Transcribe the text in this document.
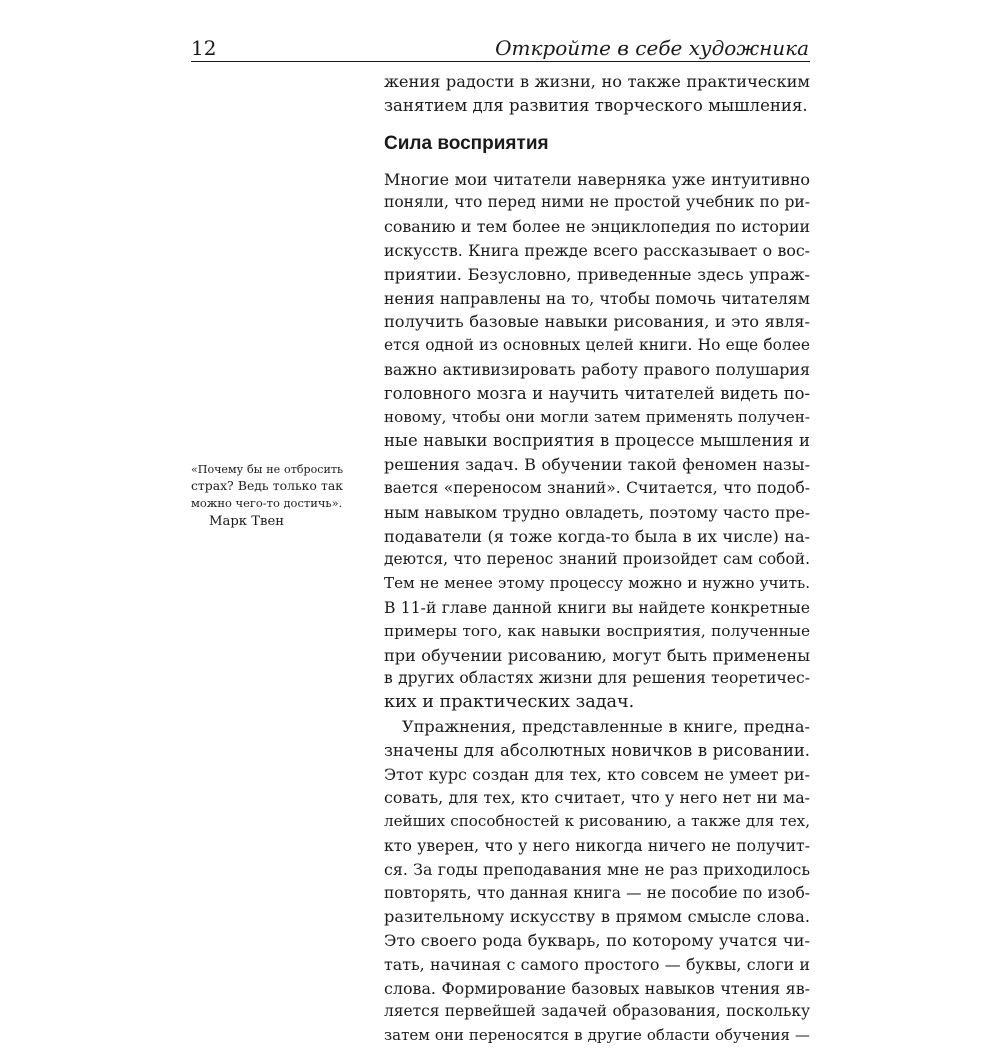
12	Откройте в себе художника
жения радости в жизни, но также практическим
занятием для развития творческого мышления.
Сила восприятия
Многие мои читатели наверняка уже интуитивно
поняли, что перед ними не простой учебник по ри-
сованию и тем более не энциклопедия по истории
искусств. Книга прежде всего рассказывает о вос-
приятии. Безусловно, приведенные здесь упраж-
нения направлены на то, чтобы помочь читателям
получить базовые навыки рисования, и это явля-
ется одной из основных целей книги. Но еще более
важно активизировать работу правого полушария
головного мозга и научить читателей видеть по-
новому, чтобы они могли затем применять получен-
ные навыки восприятия в процессе мышления и
решения задач. В обучении такой феномен назы-
вается «переносом знаний». Считается, что подоб-
ным навыком трудно овладеть, поэтому часто пре-
подаватели (я тоже когда-то была в их числе) на-
деются, что перенос знаний произойдет сам собой.
Тем не менее этому процессу можно и нужно учить.
В 11-й главе данной книги вы найдете конкретные
примеры того, как навыки восприятия, полученные
при обучении рисованию, могут быть применены
в других областях жизни для решения теоретичес-
ких и практических задач.
Упражнения, представленные в книге, предна-
значены для абсолютных новичков в рисовании.
Этот курс создан для тех, кто совсем не умеет ри-
совать, для тех, кто считает, что у него нет ни ма-
лейших способностей к рисованию, а также для тех,
кто уверен, что у него никогда ничего не получит-
ся. За годы преподавания мне не раз приходилось
повторять, что данная книга — не пособие по изоб-
разительному искусству в прямом смысле слова.
Это своего рода букварь, по которому учатся чи-
тать, начиная с самого простого — буквы, слоги и
слова. Формирование базовых навыков чтения яв-
ляется первейшей задачей образования, поскольку
затем они переносятся в другие области обучения —
«Почему бы не отбросить
страх? Ведь только так
можно чего-то достичь».
Марк Твен
